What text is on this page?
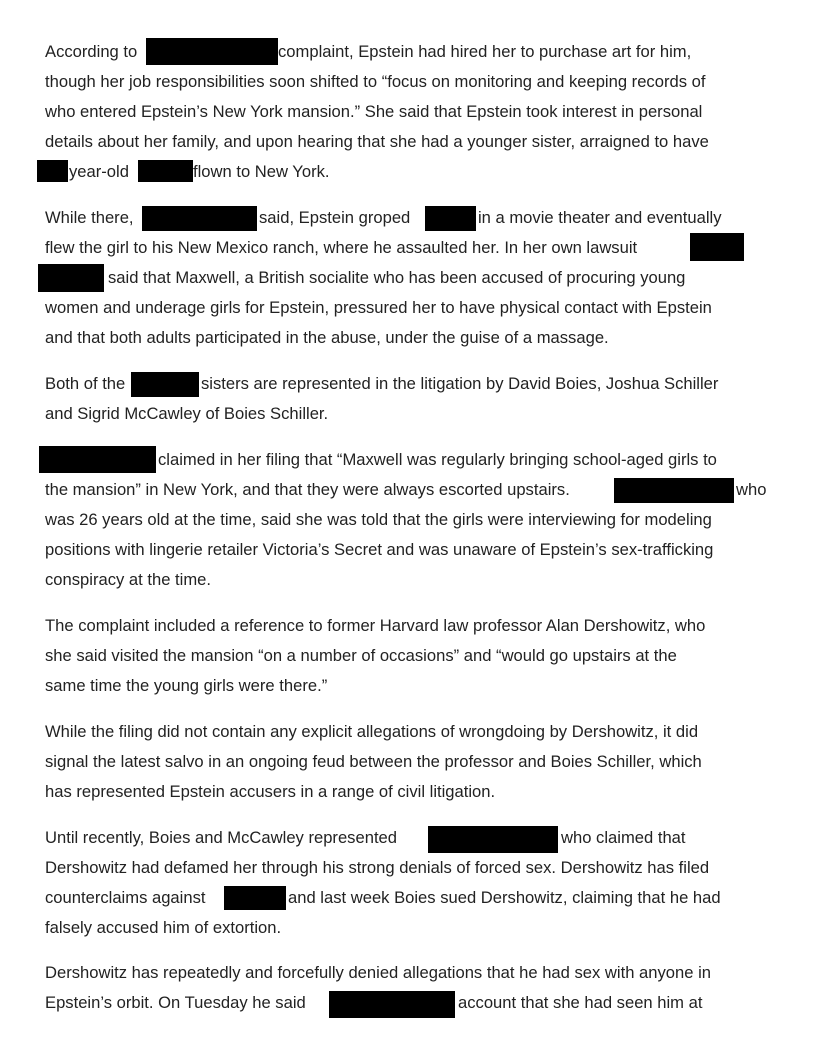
According to	complaint, Epstein had hired her to purchase art for him,
though her job responsibilities soon shifted to “focus on monitoring and keeping records of
who entered Epstein’s New York mansion.” She said that Epstein took interest in personal
details about her family, and upon hearing that she had a younger sister, arraigned to have
year-old	flown to New York.
While there,	said, Epstein groped	in a movie theater and eventually
flew the girl to his New Mexico ranch, where he assaulted her. In her own lawsuit
said that Maxwell, a British socialite who has been accused of procuring young
women and underage girls for Epstein, pressured her to have physical contact with Epstein
and that both adults participated in the abuse, under the guise of a massage.
Both of the	sisters are represented in the litigation by David Boies, Joshua Schiller
and Sigrid McCawley of Boies Schiller.
claimed in her filing that “Maxwell was regularly bringing school-aged girls to
the mansion” in New York, and that they were always escorted upstairs.	who
was 26 years old at the time, said she was told that the girls were interviewing for modeling
positions with lingerie retailer Victoria’s Secret and was unaware of Epstein’s sex-trafficking
conspiracy at the time.
The complaint included a reference to former Harvard law professor Alan Dershowitz, who
she said visited the mansion “on a number of occasions” and “would go upstairs at the
same time the young girls were there.”
While the filing did not contain any explicit allegations of wrongdoing by Dershowitz, it did
signal the latest salvo in an ongoing feud between the professor and Boies Schiller, which
has represented Epstein accusers in a range of civil litigation.
Until recently, Boies and McCawley represented	who claimed that
Dershowitz had defamed her through his strong denials of forced sex. Dershowitz has filed
counterclaims against	and last week Boies sued Dershowitz, claiming that he had
falsely accused him of extortion.
Dershowitz has repeatedly and forcefully denied allegations that he had sex with anyone in
Epstein’s orbit. On Tuesday he said	account that she had seen him at
